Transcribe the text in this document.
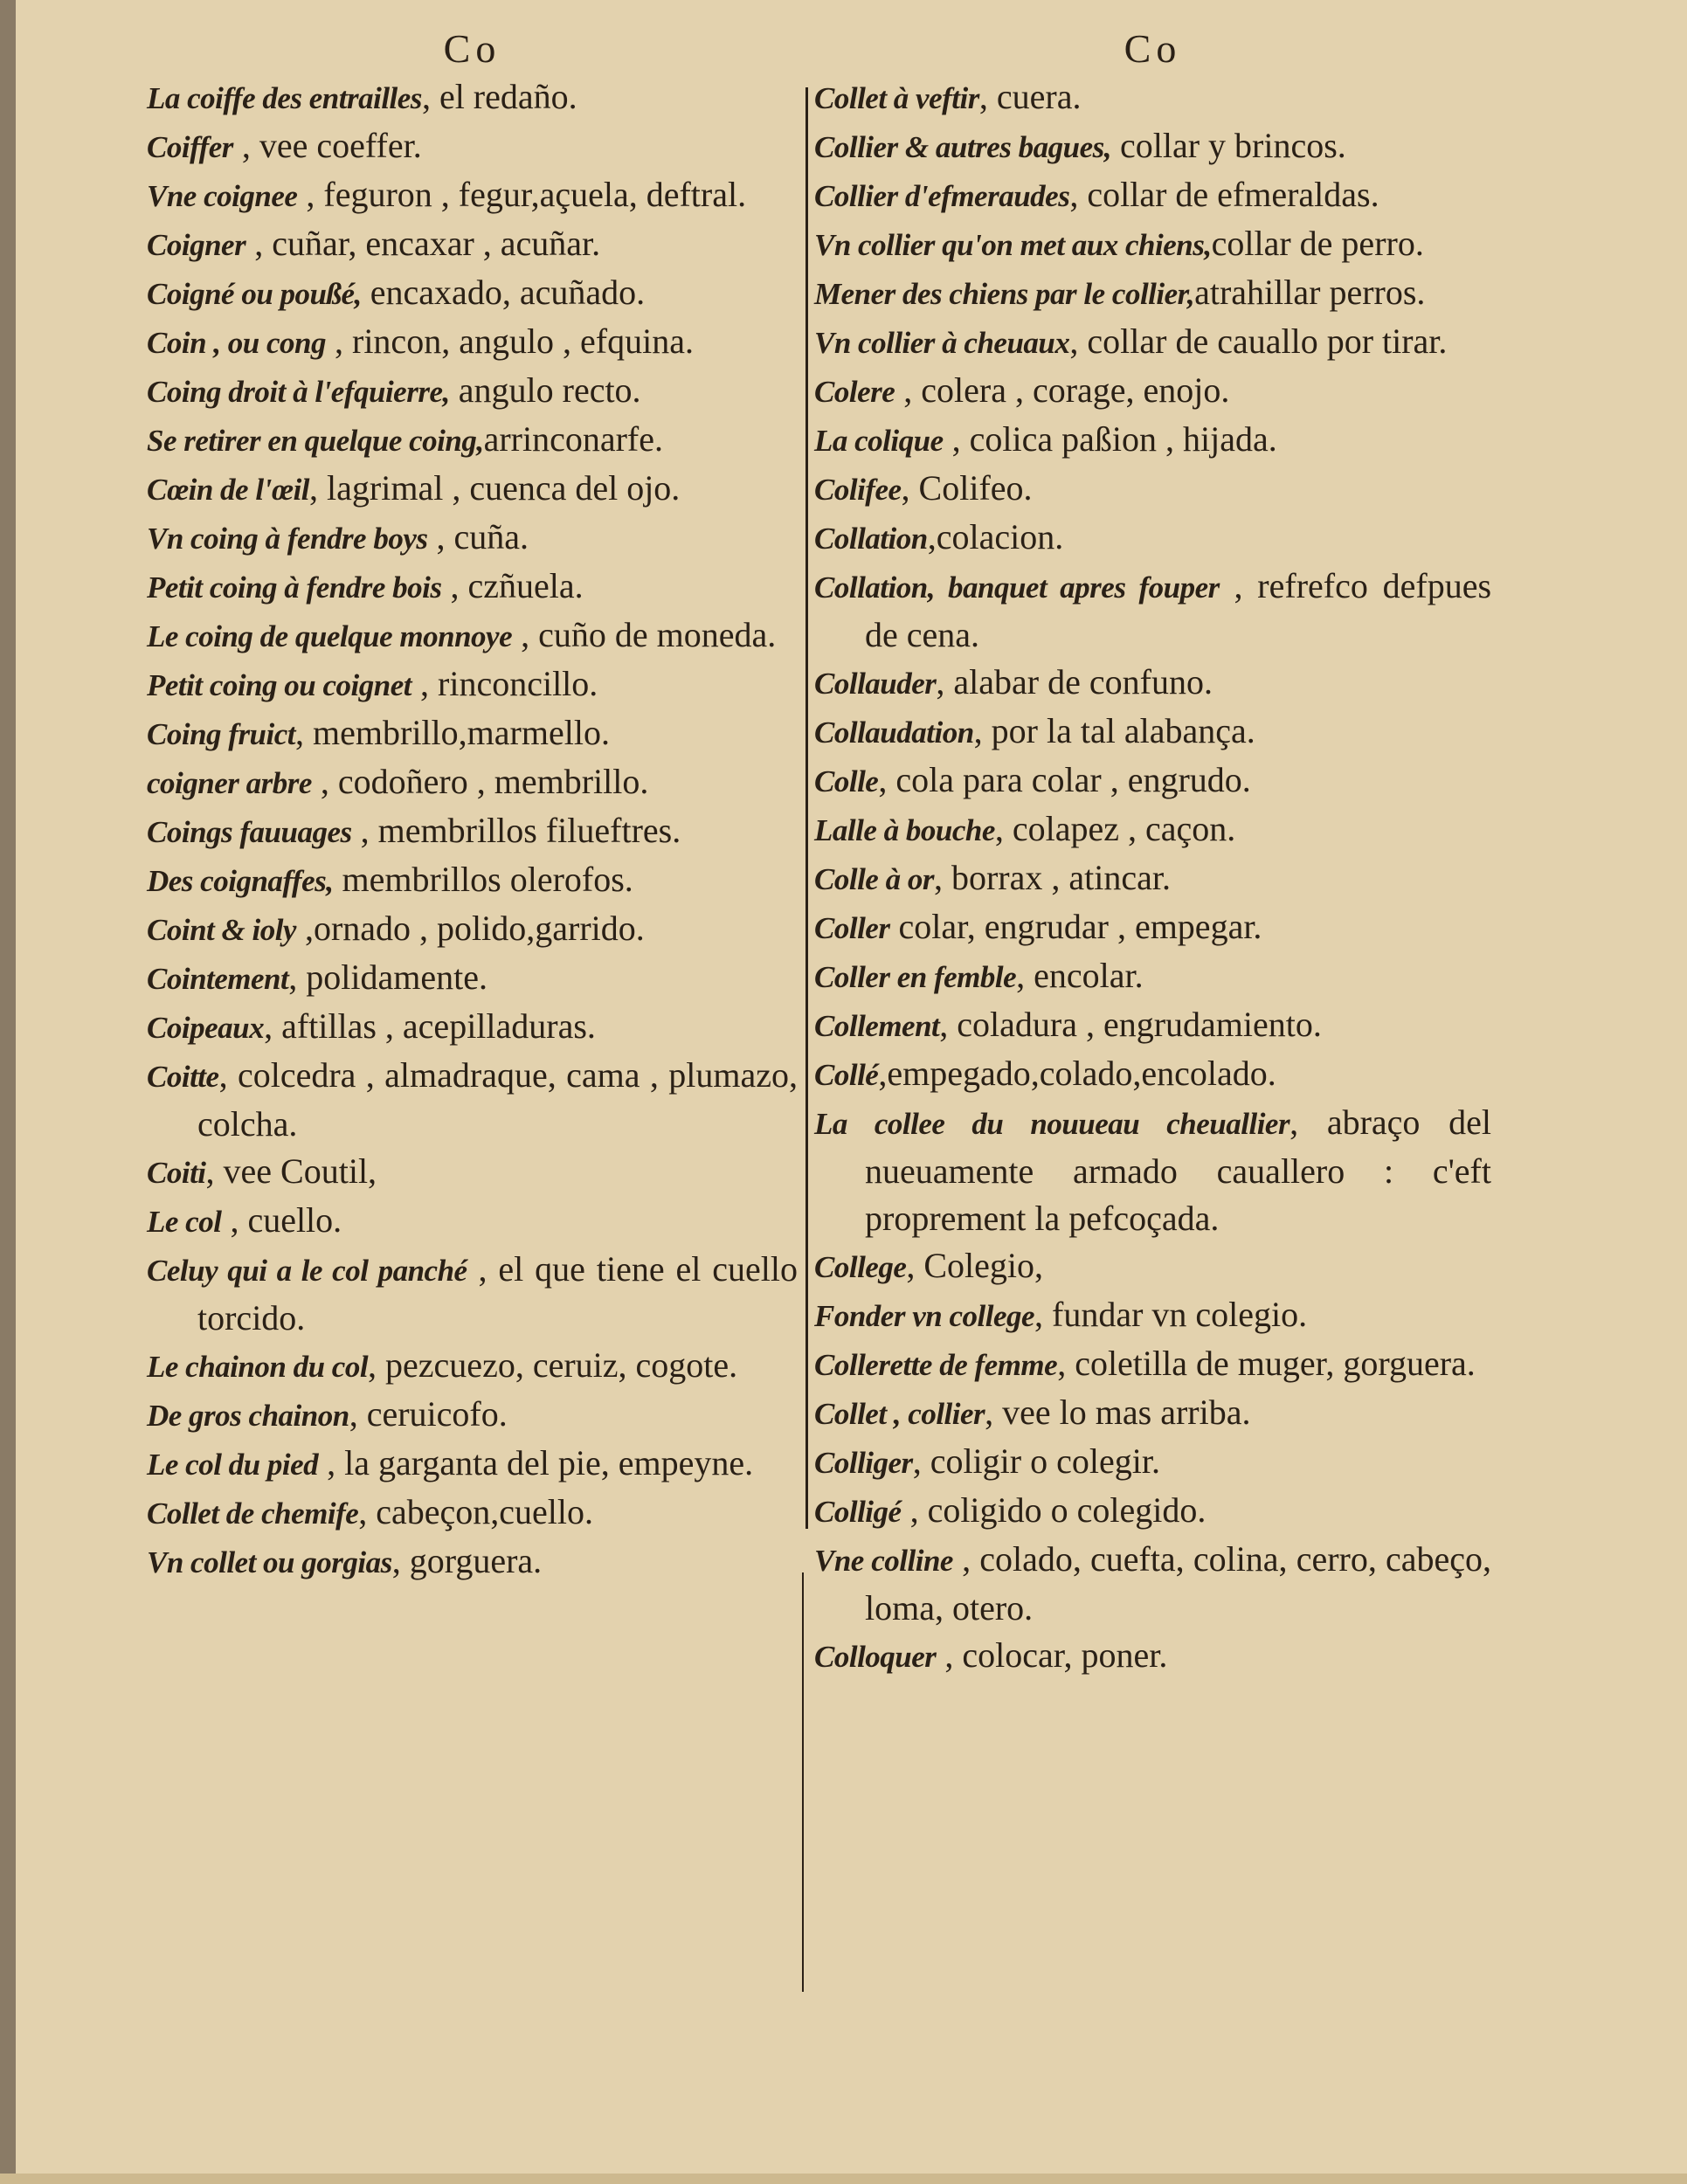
Co
La coiffe des entrailles, el redaño.
Coiffer , vee coeffer.
Vne coignee , feguron , fegur,açuela, deftral.
Coigner , cuñar, encaxar , acuñar.
Coigné ou poußé, encaxado, acuñado.
Coin , ou cong , rincon, angulo , efquina.
Coing droit à l'efquierre, angulo recto.
Se retirer en quelque coing,arrinconarfe.
Cœin de l'œil, lagrimal , cuenca del ojo.
Vn coing à fendre boys , cuña.
Petit coing à fendre bois , czñuela.
Le coing de quelque monnoye , cuño de moneda.
Petit coing ou coignet , rinconcillo.
Coing fruict, membrillo,marmello.
coigner arbre , codoñero , membrillo.
Coings fauuages , membrillos filueftres.
Des coignaffes, membrillos olerofos.
Coint & ioly ,ornado , polido,garrido.
Cointement, polidamente.
Coipeaux, aftillas , acepilladuras.
Coitte, colcedra , almadraque, cama , plumazo, colcha.
Coiti, vee Coutil,
Le col , cuello.
Celuy qui a le col panché , el que tiene el cuello torcido.
Le chainon du col, pezcuezo, ceruiz, cogote.
De gros chainon, ceruicofo.
Le col du pied , la garganta del pie, empeyne.
Collet de chemife, cabeçon,cuello.
Vn collet ou gorgias, gorguera.
Co
Collet à veftir, cuera.
Collier & autres bagues, collar y brincos.
Collier d'efmeraudes, collar de efmeraldas.
Vn collier qu'on met aux chiens,collar de perro.
Mener des chiens par le collier,atrahillar perros.
Vn collier à cheuaux, collar de cauallo por tirar.
Colere , colera , corage, enojo.
La colique , colica paßion , hijada.
Colifee, Colifeo.
Collation,colacion.
Collation, banquet apres fouper , refrefco defpues de cena.
Collauder, alabar de confuno.
Collaudation, por la tal alabança.
Colle, cola para colar , engrudo.
Lalle à bouche, colapez , caçon.
Colle à or, borrax , atincar.
Coller colar, engrudar , empegar.
Coller en femble, encolar.
Collement, coladura , engrudamiento.
Collé,empegado,colado,encolado.
La collee du nouueau cheuallier, abraço del nueuamente armado cauallero : c'eft proprement la pefcoçada.
College, Colegio,
Fonder vn college, fundar vn colegio.
Collerette de femme, coletilla de muger, gorguera.
Collet , collier, vee lo mas arriba.
Colliger, coligir o colegir.
Colligé , coligido o colegido.
Vne colline , colado, cuefta, colina, cerro, cabeço, loma, otero.
Colloquer , colocar, poner.
